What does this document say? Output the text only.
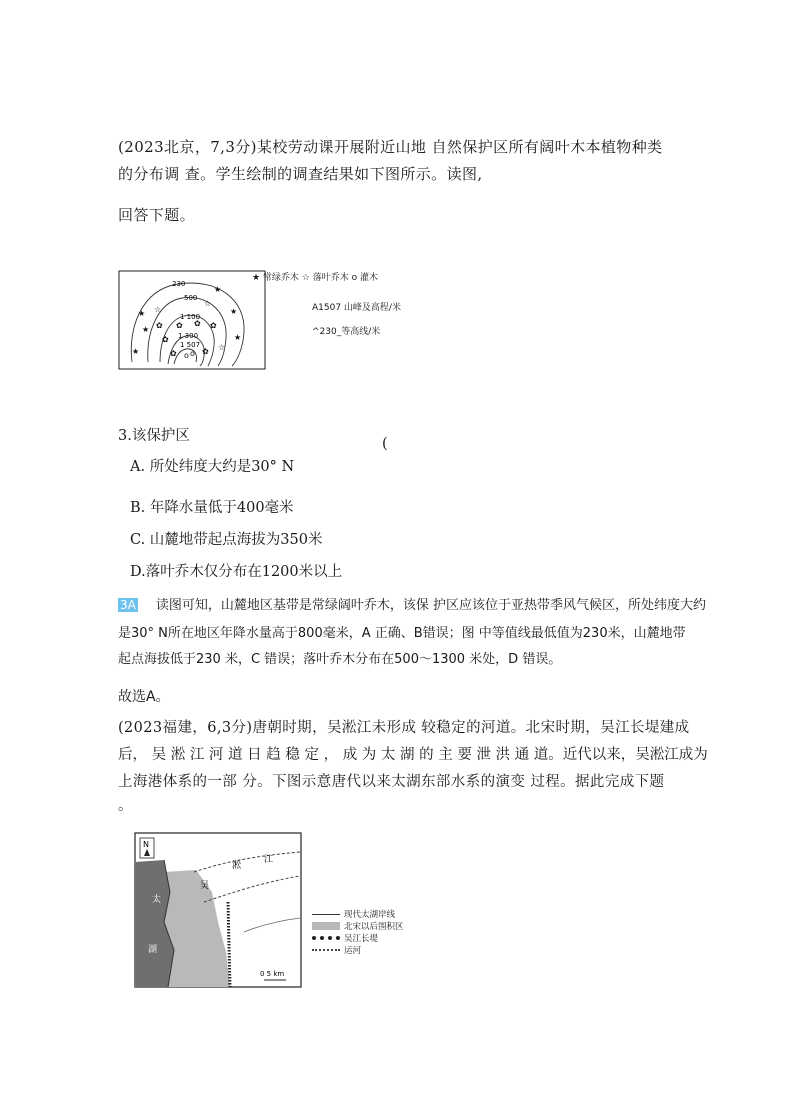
(2023北京，7,3分)某校劳动课开展附近山地 自然保护区所有阔叶木本植物种类
的分布调 查。学生绘制的调查结果如下图所示。读图,
回答下题。
230
500
1 100
1 300
1 507
★
★
★
★
★
★
☆
✿
✿
☆
✿
☆
✿ ✿
✿	✿
o o
★ 常绿乔木 ☆ 落叶乔木 o 灌木
A1507 山峰及高程/米
^230_等高线/米
3.该保护区	(
A. 所处纬度大约是30° N
B. 年降水量低于400毫米
C. 山麓地带起点海拔为350米
D.落叶乔木仅分布在1200米以上
3A 读图可知，山麓地区基带是常绿阔叶乔木，该保 护区应该位于亚热带季风气候区，所处纬度大约
是30° N所在地区年降水量高于800毫米，A 正确、B错误；图 中等值线最低值为230米，山麓地带
起点海拔低于230 米，C 错误；落叶乔木分布在500～1300 米处，D 错误。
故选A。
(2023福建，6,3分)唐朝时期，吴淞江未形成 较稳定的河道。北宋时期，吴江长堤建成
后， 吴 淞 江 河 道 日 趋 稳 定 ， 成 为 太 湖 的 主 要 泄 洪 通 道。近代以来，吴淞江成为
上海港体系的一部 分。下图示意唐代以来太湖东部水系的演变 过程。据此完成下题
。
N
吴
淞
江
太
湖
0 5 km
现代太湖岸线
北宋以后围积区
吴江长堤
运河
